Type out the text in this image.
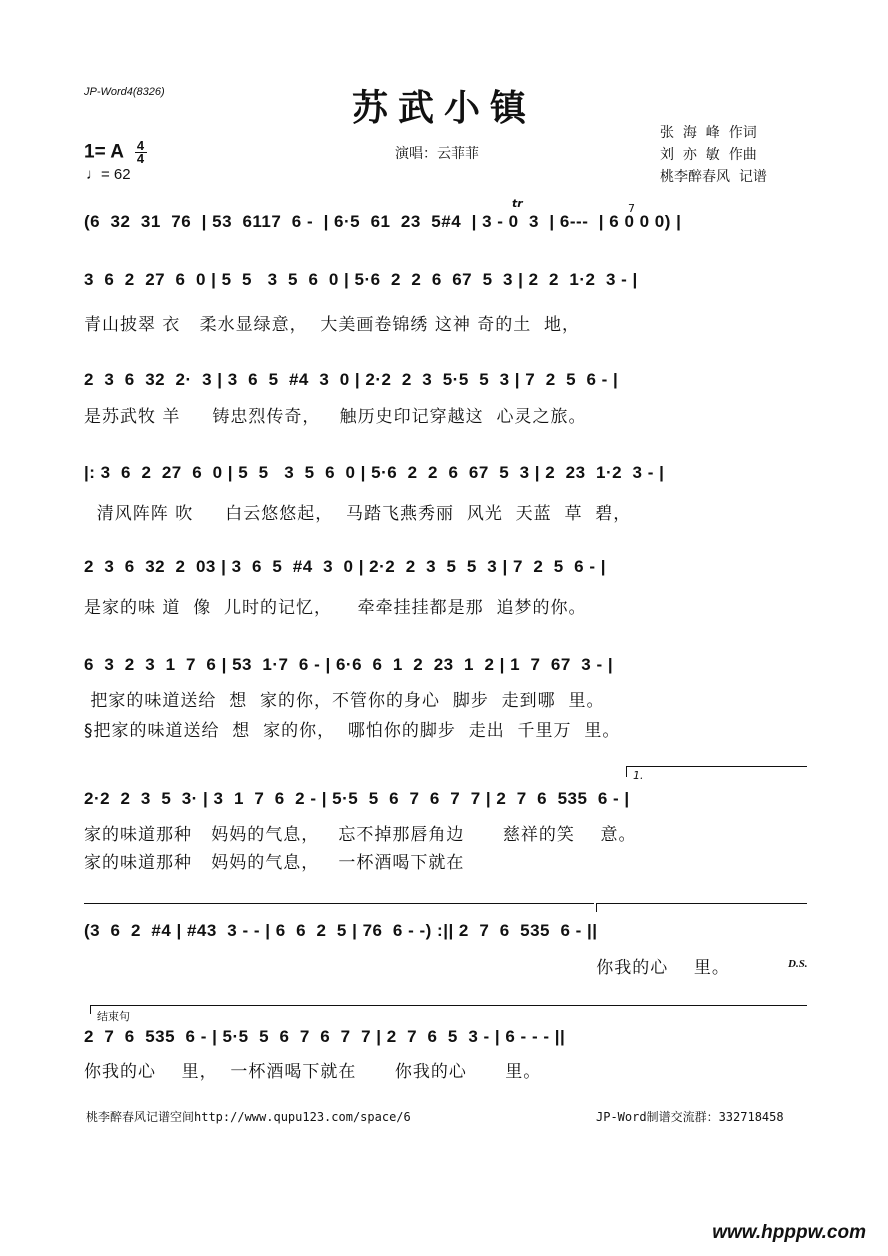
JP-Word4(8326)	苏武小镇
1= A $\frac{4}{4}$
♩= 62
演唱：云菲菲
张  海  峰  作词
刘  亦  敏  作曲
桃李醉春风  记谱
tr	7
(6  32  31  76  | 53  6117  6 -  | 6·5  61  23  5#4  | 3 - 0  3  | 6---  | 6 0 0 0) |
3  6  2  27  6  0 | 5  5   3  5  6  0 | 5·6  2  2  6  67  5  3 | 2  2  1·2  3 - |
青山披翠 衣   柔水显绿意，  大美画卷锦绣 这神 奇的土  地，
2  3  6  32  2·  3 | 3  6  5  #4  3  0 | 2·2  2  3  5·5  5  3 | 7  2  5  6 - |
是苏武牧 羊     铸忠烈传奇，   触历史印记穿越这  心灵之旅。
|: 3  6  2  27  6  0 | 5  5   3  5  6  0 | 5·6  2  2  6  67  5  3 | 2  23  1·2  3 - |
清风阵阵 吹     白云悠悠起，  马踏飞燕秀丽  风光  天蓝  草  碧，
2  3  6  32  2  03 | 3  6  5  #4  3  0 | 2·2  2  3  5  5  3 | 7  2  5  6 - |
是家的味 道  像  儿时的记忆，    牵牵挂挂都是那  追梦的你。
6  3  2  3  1  7  6 | 53  1·7  6 - | 6·6  6  1  2  23  1  2 | 1  7  67  3 - |
把家的味道送给  想  家的你，不管你的身心  脚步  走到哪  里。
§把家的味道送给  想  家的你，  哪怕你的脚步  走出  千里万  里。
1.
2·2  2  3  5  3· | 3  1  7  6  2 - | 5·5  5  6  7  6  7  7 | 2  7  6  535  6 - |
家的味道那种   妈妈的气息，   忘不掉那唇角边      慈祥的笑    意。
家的味道那种   妈妈的气息，   一杯酒喝下就在
(3  6  2  #4 | #43  3 - - | 6  6  2  5 | 76  6 - -) :|| 2  7  6  535  6 - ||
你我的心    里。	D.S.
结束句
2  7  6  535  6 - | 5·5  5  6  7  6  7  7 | 2  7  6  5  3 - | 6 - - - ||
你我的心    里，  一杯酒喝下就在      你我的心      里。
桃李醉春风记谱空间http://www.qupu123.com/space/6	JP-Word制谱交流群：332718458
www.hpppw.com
